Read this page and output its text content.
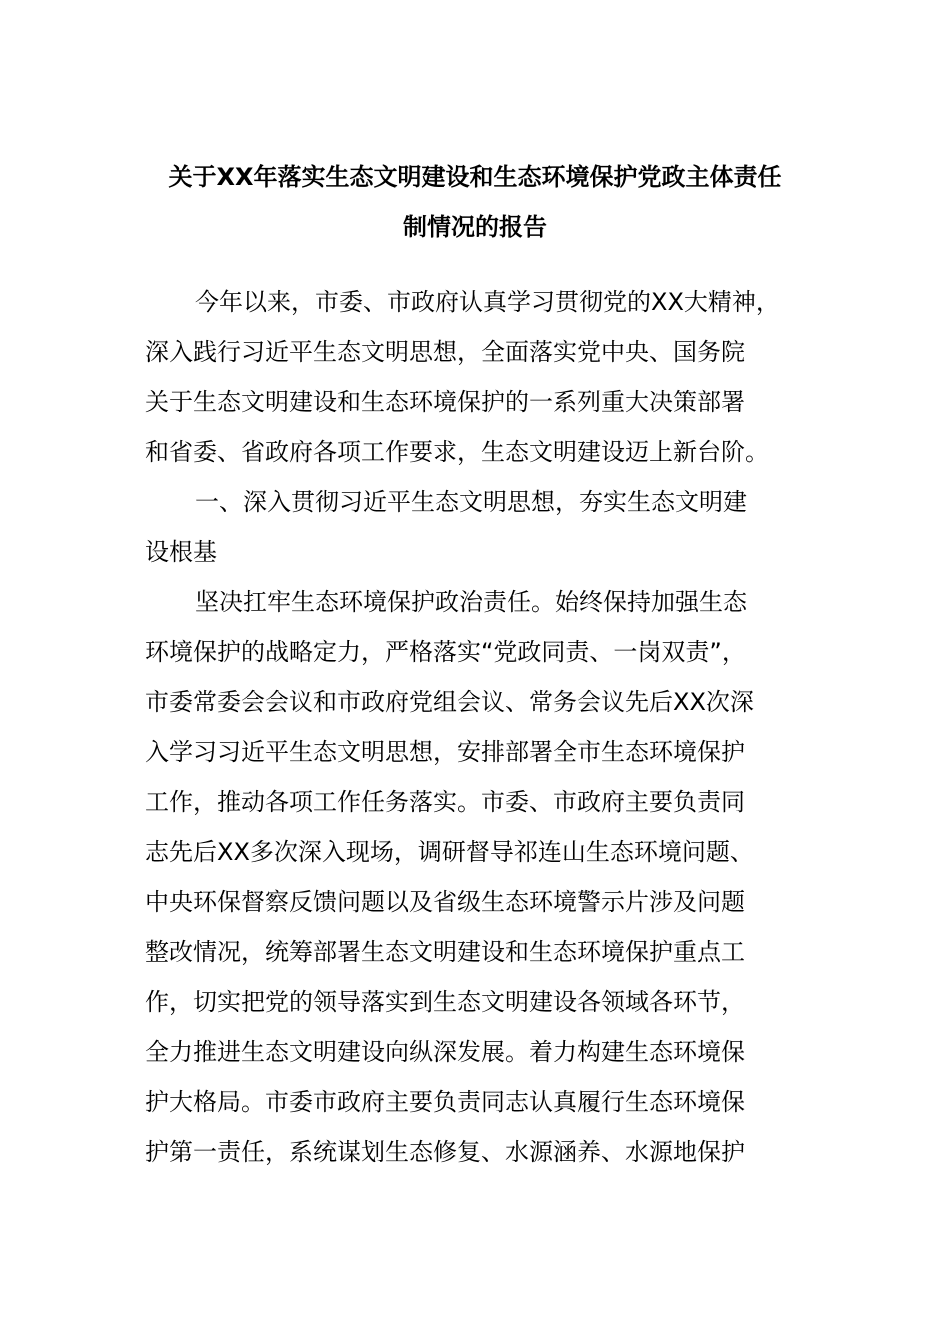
关于XX年落实生态文明建设和生态环境保护党政主体责任
制情况的报告
今年以来，市委、市政府认真学习贯彻党的XX大精神，
深入践行习近平生态文明思想，全面落实党中央、国务院
关于生态文明建设和生态环境保护的一系列重大决策部署
和省委、省政府各项工作要求，生态文明建设迈上新台阶。
一、深入贯彻习近平生态文明思想，夯实生态文明建
设根基
坚决扛牢生态环境保护政治责任。始终保持加强生态
环境保护的战略定力，严格落实“党政同责、一岗双责”，
市委常委会会议和市政府党组会议、常务会议先后XX次深
入学习习近平生态文明思想，安排部署全市生态环境保护
工作，推动各项工作任务落实。市委、市政府主要负责同
志先后XX多次深入现场，调研督导祁连山生态环境问题、
中央环保督察反馈问题以及省级生态环境警示片涉及问题
整改情况，统筹部署生态文明建设和生态环境保护重点工
作，切实把党的领导落实到生态文明建设各领域各环节，
全力推进生态文明建设向纵深发展。着力构建生态环境保
护大格局。市委市政府主要负责同志认真履行生态环境保
护第一责任，系统谋划生态修复、水源涵养、水源地保护
